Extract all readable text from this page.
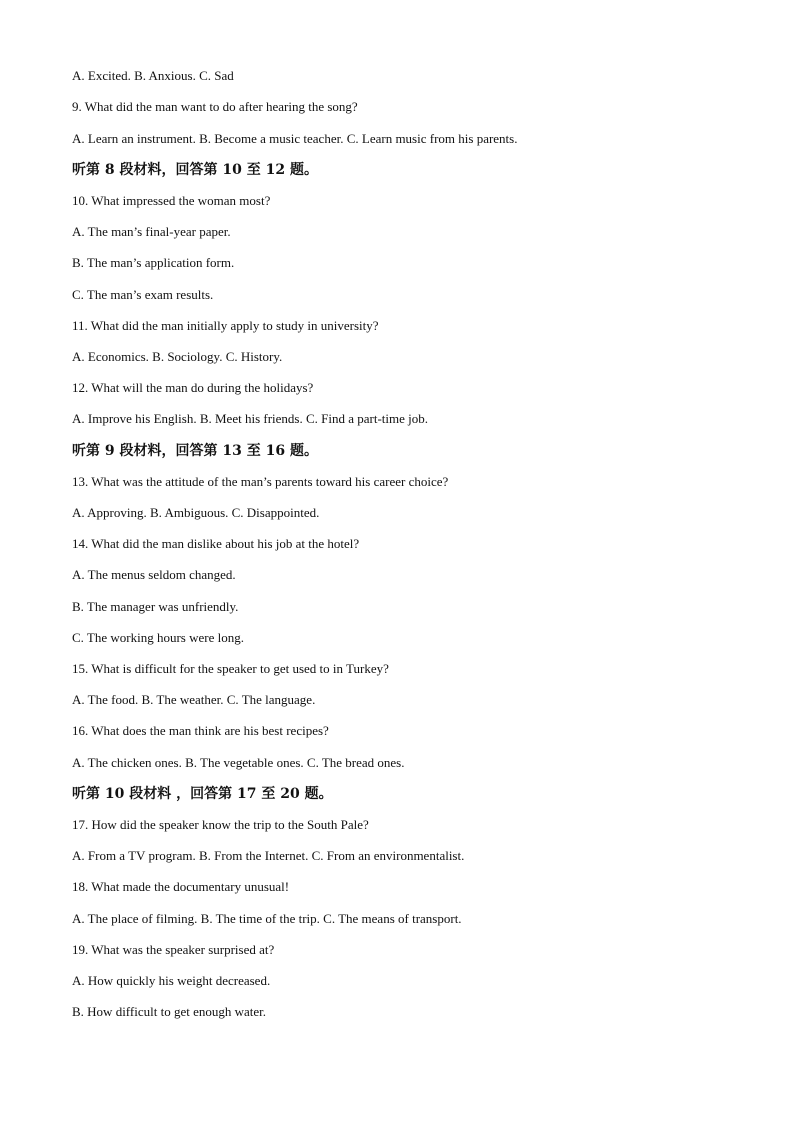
A. Excited. B. Anxious. C. Sad
9. What did the man want to do after hearing the song?
A. Learn an instrument. B. Become a music teacher. C. Learn music from his parents.
听第 8 段材料，回答第 10 至 12 题。
10. What impressed the woman most?
A. The man’s final-year paper.
B. The man’s application form.
C. The man’s exam results.
11. What did the man initially apply to study in university?
A. Economics. B. Sociology. C. History.
12. What will the man do during the holidays?
A. Improve his English. B. Meet his friends. C. Find a part-time job.
听第 9 段材料，回答第 13 至 16 题。
13. What was the attitude of the man’s parents toward his career choice?
A. Approving. B. Ambiguous. C. Disappointed.
14. What did the man dislike about his job at the hotel?
A. The menus seldom changed.
B. The manager was unfriendly.
C. The working hours were long.
15. What is difficult for the speaker to get used to in Turkey?
A. The food. B. The weather. C. The language.
16. What does the man think are his best recipes?
A. The chicken ones. B. The vegetable ones. C. The bread ones.
听第 10 段材料 ，回答第 17 至 20 题。
17. How did the speaker know the trip to the South Pale?
A. From a TV program. B. From the Internet. C. From an environmentalist.
18. What made the documentary unusual!
A. The place of filming. B. The time of the trip. C. The means of transport.
19. What was the speaker surprised at?
A. How quickly his weight decreased.
B. How difficult to get enough water.
